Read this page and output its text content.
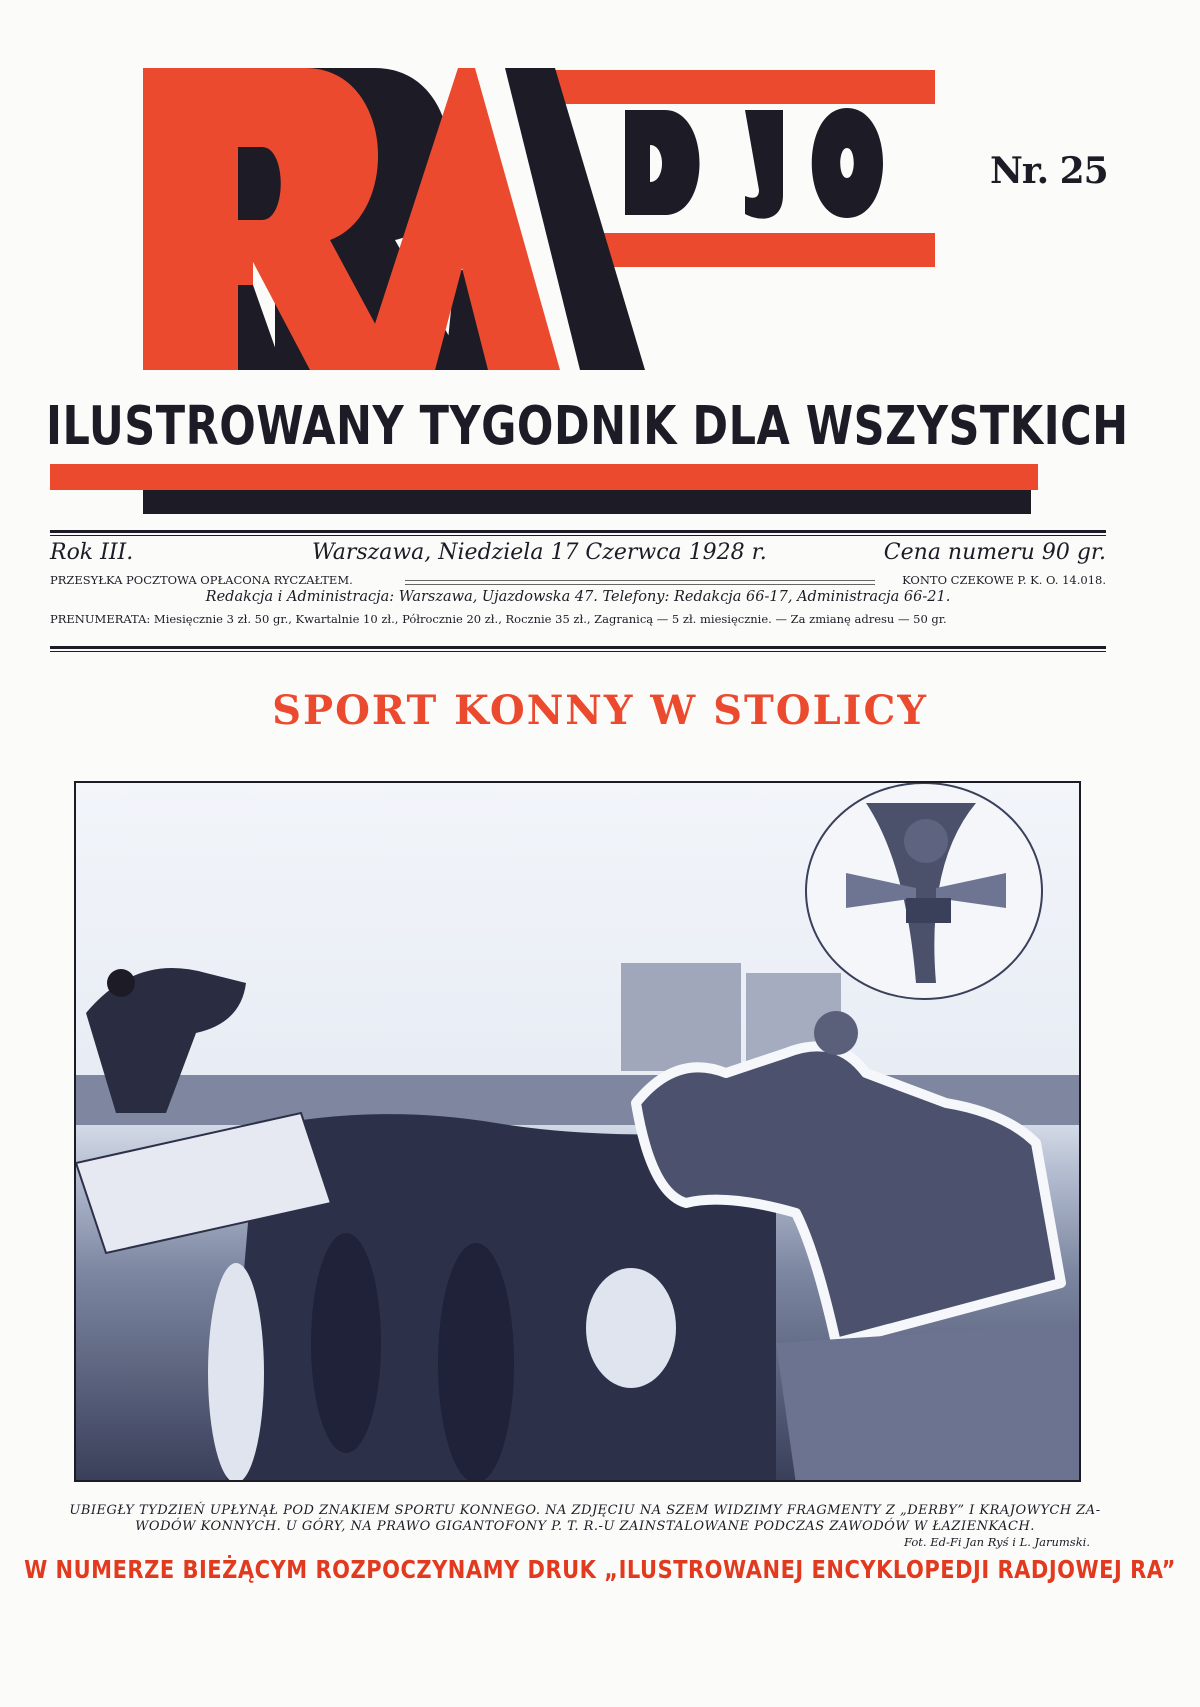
Nr. 25
ILUSTROWANY TYGODNIK DLA WSZYSTKICH
Rok III.	Warszawa, Niedziela 17 Czerwca 1928 r.	Cena numeru 90 gr.
PRZESYŁKA POCZTOWA OPŁACONA RYCZAŁTEM.	KONTO CZEKOWE P. K. O. 14.018.
Redakcja i Administracja: Warszawa, Ujazdowska 47. Telefony: Redakcja 66-17, Administracja 66-21.
PRENUMERATA: Miesięcznie 3 zł. 50 gr., Kwartalnie 10 zł., Półrocznie 20 zł., Rocznie 35 zł., Zagranicą — 5 zł. miesięcznie. — Za zmianę adresu — 50 gr.
SPORT KONNY W STOLICY
UBIEGŁY TYDZIEŃ UPŁYNĄŁ POD ZNAKIEM SPORTU KONNEGO. NA ZDJĘCIU NA SZEM WIDZIMY FRAGMENTY Z „DERBY” I KRAJOWYCH ZA-
WODÓW KONNYCH. U GÓRY, NA PRAWO GIGANTOFONY P. T. R.-U ZAINSTALOWANE PODCZAS ZAWODÓW W ŁAZIENKACH.
Fot. Ed-Fi Jan Ryś i L. Jarumski.
W NUMERZE BIEŻĄCYM ROZPOCZYNAMY DRUK „ILUSTROWANEJ ENCYKLOPEDJI RADJOWEJ RA”
